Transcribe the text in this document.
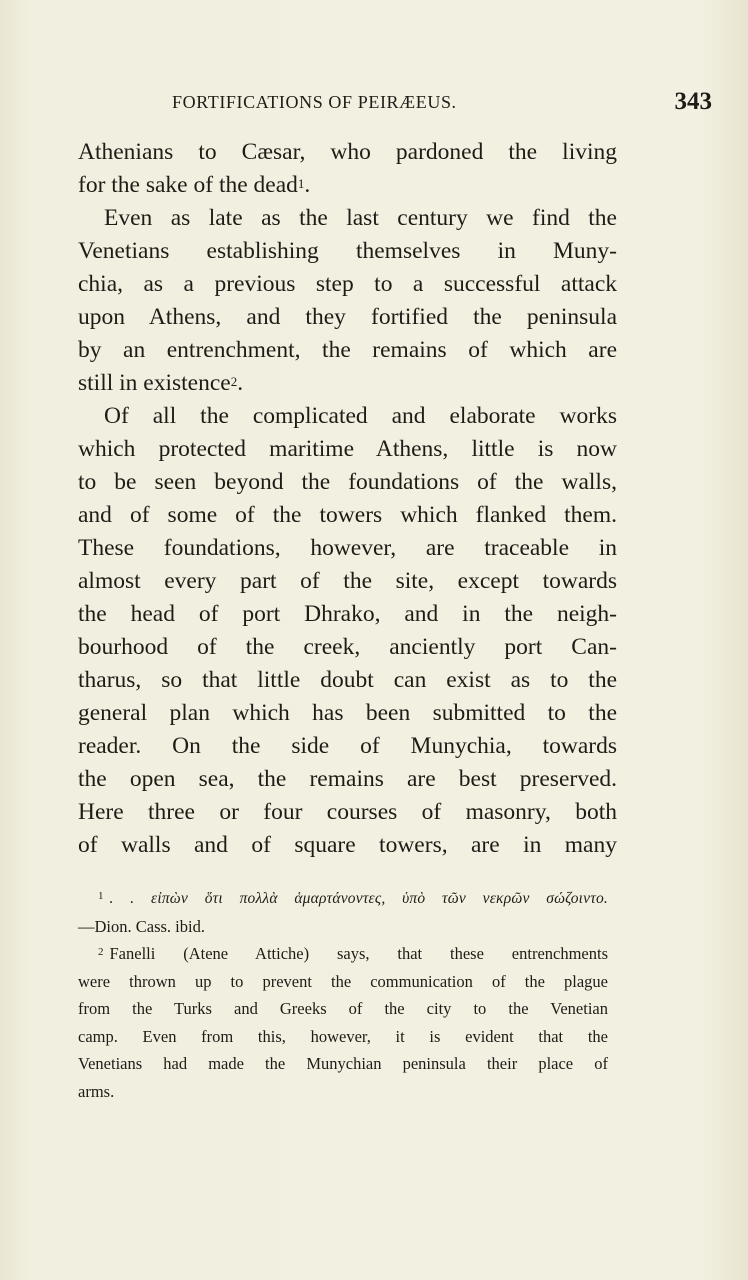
FORTIFICATIONS OF PEIRÆEUS.	343

Athenians to Cæsar, who pardoned the living
for the sake of the dead$^1$.

Even as late as the last century we find the
Venetians establishing themselves in Muny-
chia, as a previous step to a successful attack
upon Athens, and they fortified the peninsula
by an entrenchment, the remains of which are
still in existence$^2$.

Of all the complicated and elaborate works
which protected maritime Athens, little is now
to be seen beyond the foundations of the walls,
and of some of the towers which flanked them.
These foundations, however, are traceable in
almost every part of the site, except towards
the head of port Dhrako, and in the neigh-
bourhood of the creek, anciently port Can-
tharus, so that little doubt can exist as to the
general plan which has been submitted to the
reader. On the side of Munychia, towards
the open sea, the remains are best preserved.
Here three or four courses of masonry, both
of walls and of square towers, are in many

$^1$ . . εἰπὼν ὅτι πολλὰ ἁμαρτάνοντες, ὑπὸ τῶν νεκρῶν σώζοιντο.
—Dion. Cass. ibid.
$^2$ Fanelli (Atene Attiche) says, that these entrenchments
were thrown up to prevent the communication of the plague
from the Turks and Greeks of the city to the Venetian
camp. Even from this, however, it is evident that the
Venetians had made the Munychian peninsula their place of
arms.
